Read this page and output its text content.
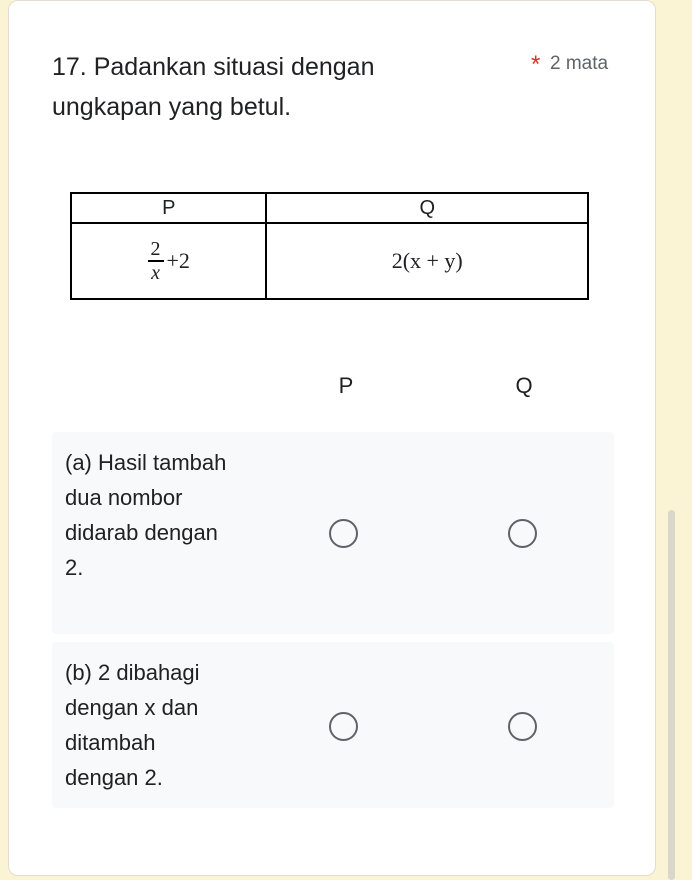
17. Padankan situasi dengan ungkapan yang betul.
* 2 mata
P	Q

$\frac{2}{x} +2$	2(x + y)
P	Q
(a) Hasil tambah dua nombor didarab dengan 2.
(b) 2 dibahagi dengan x dan ditambah dengan 2.
